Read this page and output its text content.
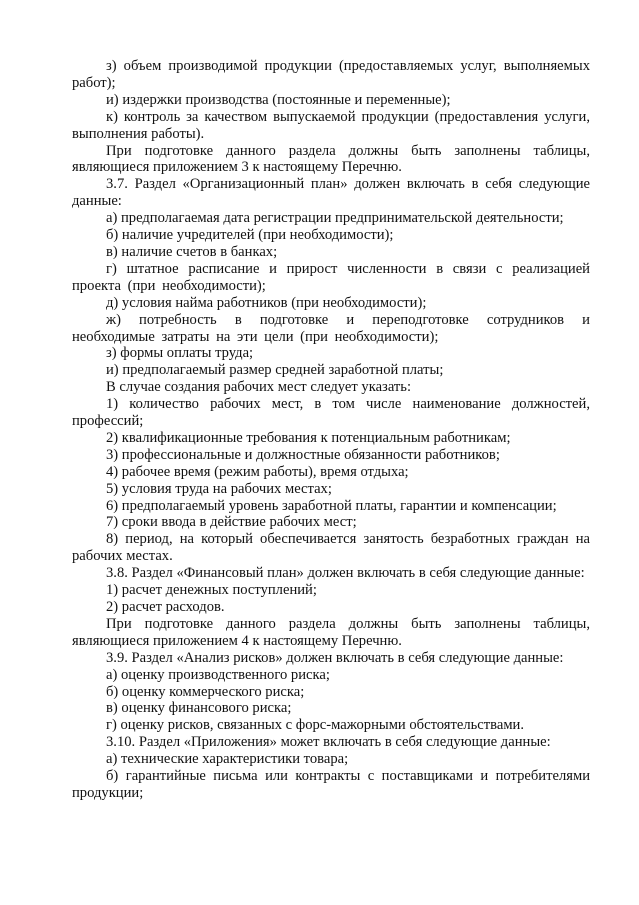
з) объем производимой продукции (предоставляемых услуг, выполняемых работ);

и) издержки производства (постоянные и переменные);

к) контроль за качеством выпускаемой продукции (предоставления услуги, выполнения работы).

При подготовке данного раздела должны быть заполнены таблицы, являющиеся приложением 3 к настоящему Перечню.

3.7. Раздел «Организационный план» должен включать в себя следующие данные:

а) предполагаемая дата регистрации предпринимательской деятельности;

б) наличие учредителей (при необходимости);

в) наличие счетов в банках;

г) штатное расписание и прирост численности в связи с реализацией проекта (при необходимости);

д) условия найма работников (при необходимости);

ж) потребность в подготовке и переподготовке сотрудников и необходимые затраты на эти цели (при необходимости);

з) формы оплаты труда;

и) предполагаемый размер средней заработной платы;

В случае создания рабочих мест следует указать:

1) количество рабочих мест, в том числе наименование должностей, профессий;

2) квалификационные требования к потенциальным работникам;

3) профессиональные и должностные обязанности работников;

4) рабочее время (режим работы), время отдыха;

5) условия труда на рабочих местах;

6) предполагаемый уровень заработной платы, гарантии и компенсации;

7) сроки ввода в действие рабочих мест;

8) период, на который обеспечивается занятость безработных граждан на рабочих местах.

3.8. Раздел «Финансовый план» должен включать в себя следующие данные:

1) расчет денежных поступлений;

2) расчет расходов.

При подготовке данного раздела должны быть заполнены таблицы, являющиеся приложением 4 к настоящему Перечню.

3.9. Раздел «Анализ рисков» должен включать в себя следующие данные:

а) оценку производственного риска;

б) оценку коммерческого риска;

в) оценку финансового риска;

г) оценку рисков, связанных с форс-мажорными обстоятельствами.

3.10. Раздел «Приложения» может включать в себя следующие данные:

а) технические характеристики товара;

б) гарантийные письма или контракты с поставщиками и потребителями продукции;
